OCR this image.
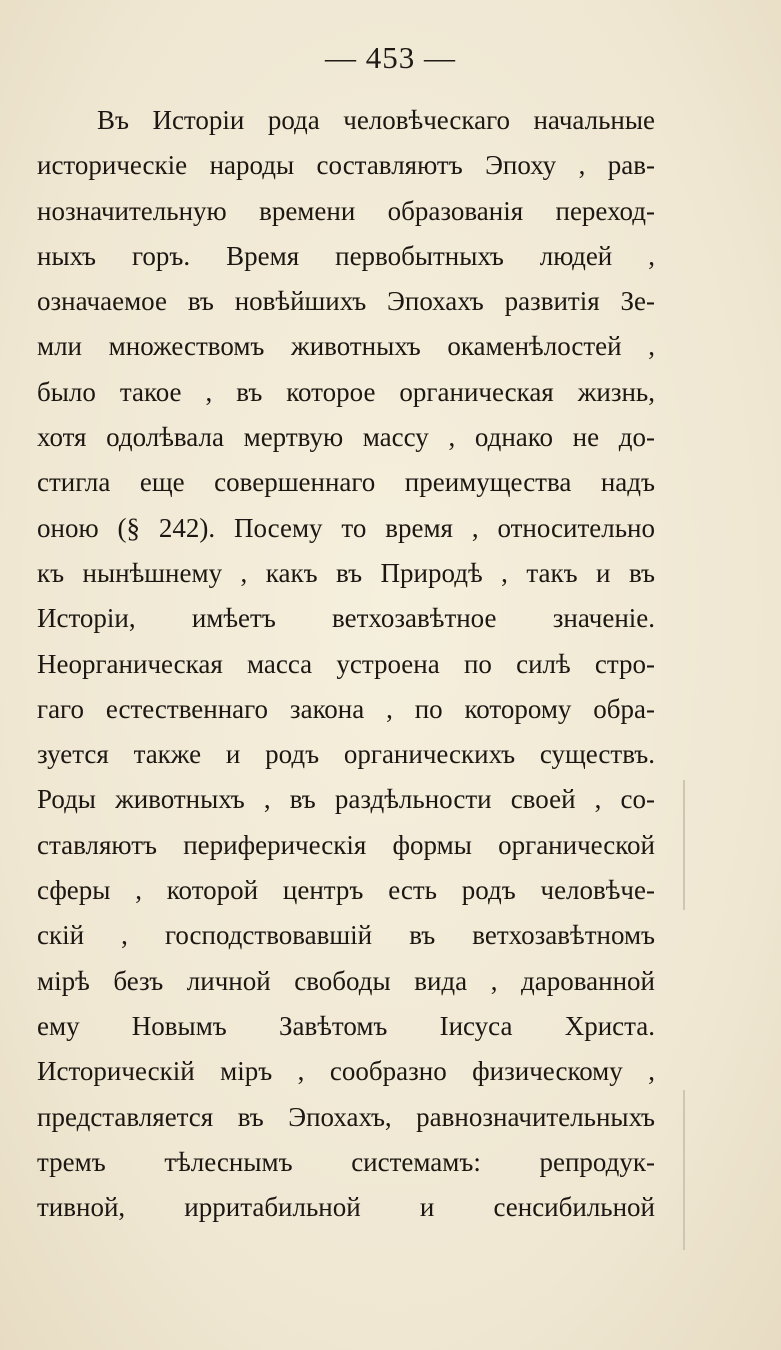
— 453 —
Въ Исторіи рода человѣческаго начальные
историческіе народы составляютъ Эпоху , рав-
нозначительную времени образованія переход-
ныхъ горъ. Время первобытныхъ людей ,
означаемое въ новѣйшихъ Эпохахъ развитія Зе-
мли множествомъ животныхъ окаменѣлостей ,
было такое , въ которое органическая жизнь,
хотя одолѣвала мертвую массу , однако не до-
стигла еще совершеннаго преимущества надъ
оною (§ 242). Посему то время , относительно
къ нынѣшнему , какъ въ Природѣ , такъ и въ
Исторіи, имѣетъ ветхозавѣтное значеніе.
Неорганическая масса устроена по силѣ стро-
гаго естественнаго закона , по которому обра-
зуется также и родъ органическихъ существъ.
Роды животныхъ , въ раздѣльности своей , со-
ставляютъ периферическія формы органической
сферы , которой центръ есть родъ человѣче-
скій , господствовавшій въ ветхозавѣтномъ
мірѣ безъ личной свободы вида , дарованной
ему Новымъ Завѣтомъ Іисуса Христа.
Историческій міръ , сообразно физическому ,
представляется въ Эпохахъ, равнозначительныхъ
тремъ тѣлеснымъ системамъ: репродук-
тивной, ирритабильной и сенсибильной
